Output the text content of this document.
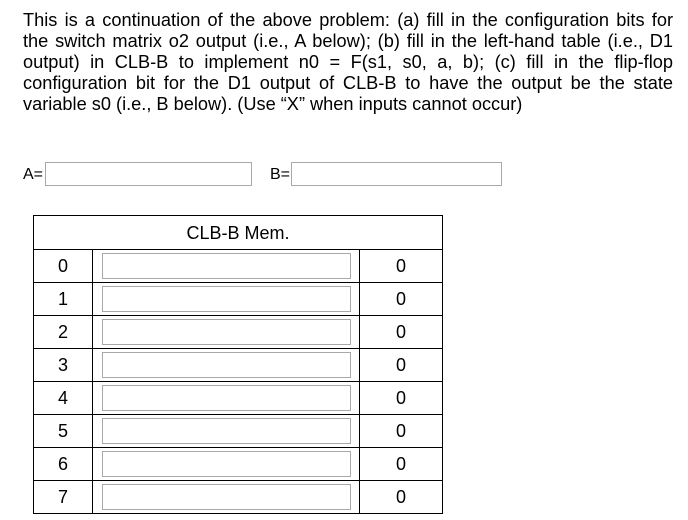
This is a continuation of the above problem: (a) fill in the configuration bits for the switch matrix o2 output (i.e., A below); (b) fill in the left-hand table (i.e., D1 output) in CLB-B to implement n0 = F(s1, s0, a, b); (c) fill in the flip-flop configuration bit for the D1 output of CLB-B to have the output be the state variable s0 (i.e., B below). (Use “X” when inputs cannot occur)

A=	B=
CLB-B Mem.		
0		0
1		0
2		0
3		0
4		0
5		0
6		0
7		0
